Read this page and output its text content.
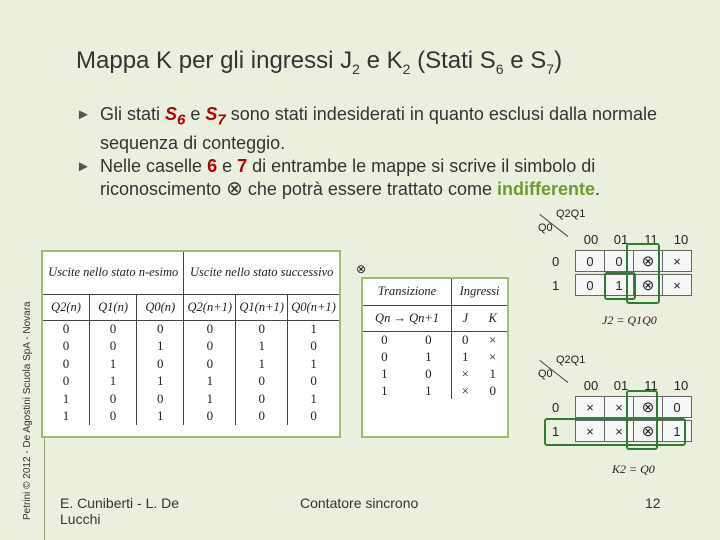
Petrini © 2012 - De Agostini Scuola SpA - Novara
Mappa K per gli ingressi $J_2$ e $K_2$ (Stati $S_6$ e $S_7$)
► Gli stati $S_6$ e $S_7$ sono stati indesiderati in quanto esclusi dalla normale sequenza di conteggio.
► Nelle caselle 6 e 7 di entrambe le mappe si scrive il simbolo di riconoscimento ⊗ che potrà essere trattato come indifferente.
Uscite nello stato n-esimo			Uscite nello stato successivo		
Q2(n)	Q1(n)	Q0(n)	Q2(n+1)	Q1(n+1)	Q0(n+1)
0	0	0	0	0	1
0	0	1	0	1	0
0	1	0	0	1	1
0	1	1	1	0	0
1	0	0	1	0	1
1	0	1	0	0	0
⊗
Transizione		Ingressi	
Qn → Qn+1		J	K
0	0	0	×
0	1	1	×
1	0	×	1
1	1	×	0
Q2Q1
Q0
00	01	11	10
0	0	0	⊗	×
1	0	1	⊗	×
J2 = Q1Q0
Q2Q1
Q0
00	01	11	10
0	×	×	⊗	0
1	×	×	⊗	1
K2 = Q0
E. Cuniberti - L. De Lucchi
Contatore sincrono	12
